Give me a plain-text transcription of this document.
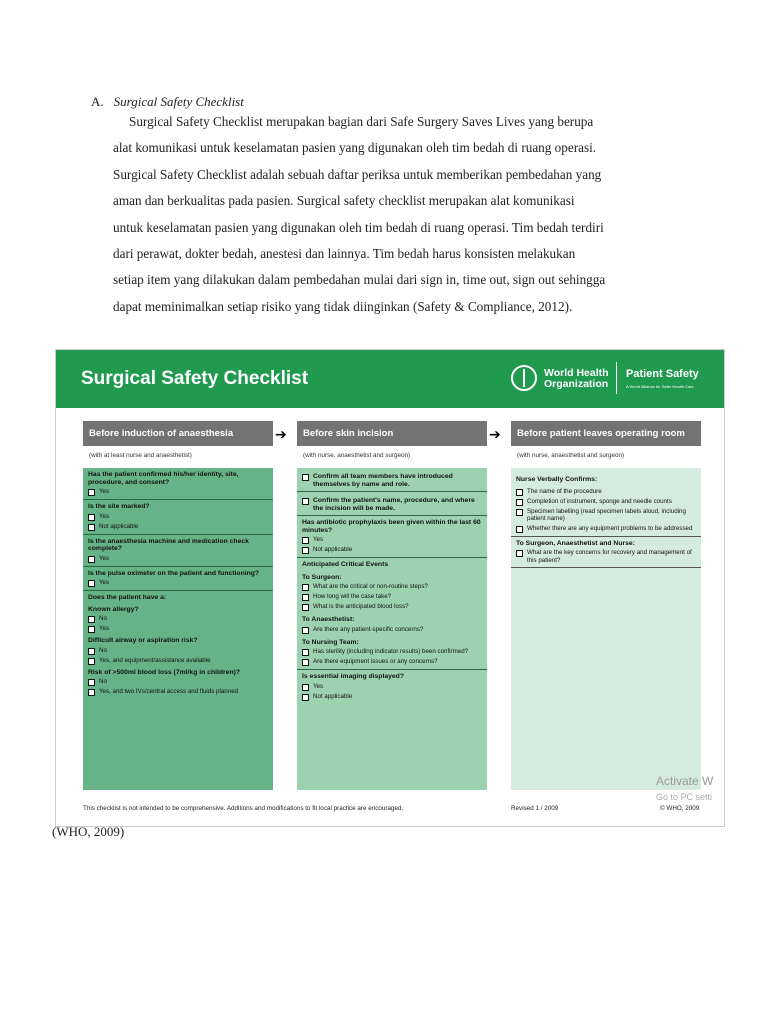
A. Surgical Safety Checklist
Surgical Safety Checklist merupakan bagian dari Safe Surgery Saves Lives yang berupa
alat komunikasi untuk keselamatan pasien yang digunakan oleh tim bedah di ruang operasi.
Surgical Safety Checklist adalah sebuah daftar periksa untuk memberikan pembedahan yang
aman dan berkualitas pada pasien. Surgical safety checklist merupakan alat komunikasi
untuk keselamatan pasien yang digunakan oleh tim bedah di ruang operasi. Tim bedah terdiri
dari perawat, dokter bedah, anestesi dan lainnya. Tim bedah harus konsisten melakukan
setiap item yang dilakukan dalam pembedahan mulai dari sign in, time out, sign out sehingga
dapat meminimalkan setiap risiko yang tidak diinginkan (Safety & Compliance, 2012).
Surgical Safety Checklist	World Health
Organization
Patient Safety
A World Alliance for Safer Health Care
Before induction of anaesthesia	➔	Before skin incision	➔	Before patient leaves operating room
(with at least nurse and anaesthetist)	(with nurse, anaesthetist and surgeon)	(with nurse, anaesthetist and surgeon)
Has the patient confirmed his/her identity, site, procedure, and consent?
Yes
Is the site marked?
Yes
Not applicable
Is the anaesthesia machine and medication check complete?
Yes
Is the pulse oximeter on the patient and functioning?
Yes
Does the patient have a:
Known allergy?
No
Yes
Difficult airway or aspiration risk?
No
Yes, and equipment/assistance available
Risk of >500ml blood loss (7ml/kg in children)?
No
Yes, and two IVs/central access and fluids planned
Confirm all team members have introduced themselves by name and role.
Confirm the patient's name, procedure, and where the incision will be made.
Has antibiotic prophylaxis been given within the last 60 minutes?
Yes
Not applicable
Anticipated Critical Events
To Surgeon:
What are the critical or non-routine steps?
How long will the case take?
What is the anticipated blood loss?
To Anaesthetist:
Are there any patient-specific concerns?
To Nursing Team:
Has sterility (including indicator results) been confirmed?
Are there equipment issues or any concerns?
Is essential imaging displayed?
Yes
Not applicable
Nurse Verbally Confirms:
The name of the procedure
Completion of instrument, sponge and needle counts
Specimen labelling (read specimen labels aloud, including patient name)
Whether there are any equipment problems to be addressed
To Surgeon, Anaesthetist and Nurse:
What are the key concerns for recovery and management of this patient?
Activate W
Go to PC setti
This checklist is not intended to be comprehensive. Additions and modifications to fit local practice are encouraged.	Revised 1 / 2009	© WHO, 2009
(WHO, 2009)
